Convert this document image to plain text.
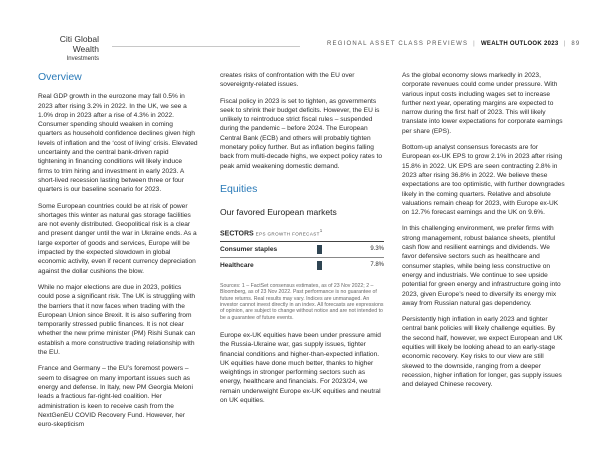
Citi Global Wealth
Investments
REGIONAL ASSET CLASS PREVIEWS | WEALTH OUTLOOK 2023 | 89
Overview

Real GDP growth in the eurozone may fall 0.5% in 2023 after rising 3.2% in 2022. In the UK, we see a 1.0% drop in 2023 after a rise of 4.3% in 2022. Consumer spending should weaken in coming quarters as household confidence declines given high levels of inflation and the ‘cost of living’ crisis. Elevated uncertainty and the central bank-driven rapid tightening in financing conditions will likely induce firms to trim hiring and investment in early 2023. A short-lived recession lasting between three or four quarters is our baseline scenario for 2023.

Some European countries could be at risk of power shortages this winter as natural gas storage facilities are not evenly distributed. Geopolitical risk is a clear and present danger until the war in Ukraine ends. As a large exporter of goods and services, Europe will be impacted by the expected slowdown in global economic activity, even if recent currency depreciation against the dollar cushions the blow.

While no major elections are due in 2023, politics could pose a significant risk. The UK is struggling with the barriers that it now faces when trading with the European Union since Brexit. It is also suffering from temporarily stressed public finances. It is not clear whether the new prime minister (PM) Rishi Sunak can establish a more constructive trading relationship with the EU.

France and Germany – the EU’s foremost powers – seem to disagree on many important issues such as energy and defense. In Italy, new PM Georgia Meloni leads a fractious far-right-led coalition. Her administration is keen to receive cash from the NextGenEU COVID Recovery Fund. However, her euro-skepticism

creates risks of confrontation with the EU over sovereignty-related issues.

Fiscal policy in 2023 is set to tighten, as governments seek to shrink their budget deficits. However, the EU is unlikely to reintroduce strict fiscal rules – suspended during the pandemic – before 2024. The European Central Bank (ECB) and others will probably tighten monetary policy further. But as inflation begins falling back from multi-decade highs, we expect policy rates to peak amid weakening domestic demand.

Equities
Our favored European markets
SECTORS EPS GROWTH FORECAST$^1$
Consumer staples	9.3%
Healthcare	7.8%
Sources: 1 – FactSet consensus estimates, as of 23 Nov 2022; 2 – Bloomberg, as of 23 Nov 2022. Past performance is no guarantee of future returns. Real results may vary. Indices are unmanaged. An investor cannot invest directly in an index. All forecasts are expressions of opinion, are subject to change without notice and are not intended to be a guarantee of future events.

Europe ex-UK equities have been under pressure amid the Russia-Ukraine war, gas supply issues, tighter financial conditions and higher-than-expected inflation. UK equities have done much better, thanks to higher weightings in stronger performing sectors such as energy, healthcare and financials. For 2023/24, we remain underweight Europe ex-UK equities and neutral on UK equities.

As the global economy slows markedly in 2023, corporate revenues could come under pressure. With various input costs including wages set to increase further next year, operating margins are expected to narrow during the first half of 2023. This will likely translate into lower expectations for corporate earnings per share (EPS).

Bottom-up analyst consensus forecasts are for European ex-UK EPS to grow 2.1% in 2023 after rising 15.8% in 2022. UK EPS are seen contracting 2.8% in 2023 after rising 36.8% in 2022. We believe these expectations are too optimistic, with further downgrades likely in the coming quarters. Relative and absolute valuations remain cheap for 2023, with Europe ex-UK on 12.7% forecast earnings and the UK on 9.6%.

In this challenging environment, we prefer firms with strong management, robust balance sheets, plentiful cash flow and resilient earnings and dividends. We favor defensive sectors such as healthcare and consumer staples, while being less constructive on energy and industrials. We continue to see upside potential for green energy and infrastructure going into 2023, given Europe’s need to diversify its energy mix away from Russian natural gas dependency.

Persistently high inflation in early 2023 and tighter central bank policies will likely challenge equities. By the second half, however, we expect European and UK equities will likely be looking ahead to an early-stage economic recovery. Key risks to our view are still skewed to the downside, ranging from a deeper recession, higher inflation for longer, gas supply issues and delayed Chinese recovery.
